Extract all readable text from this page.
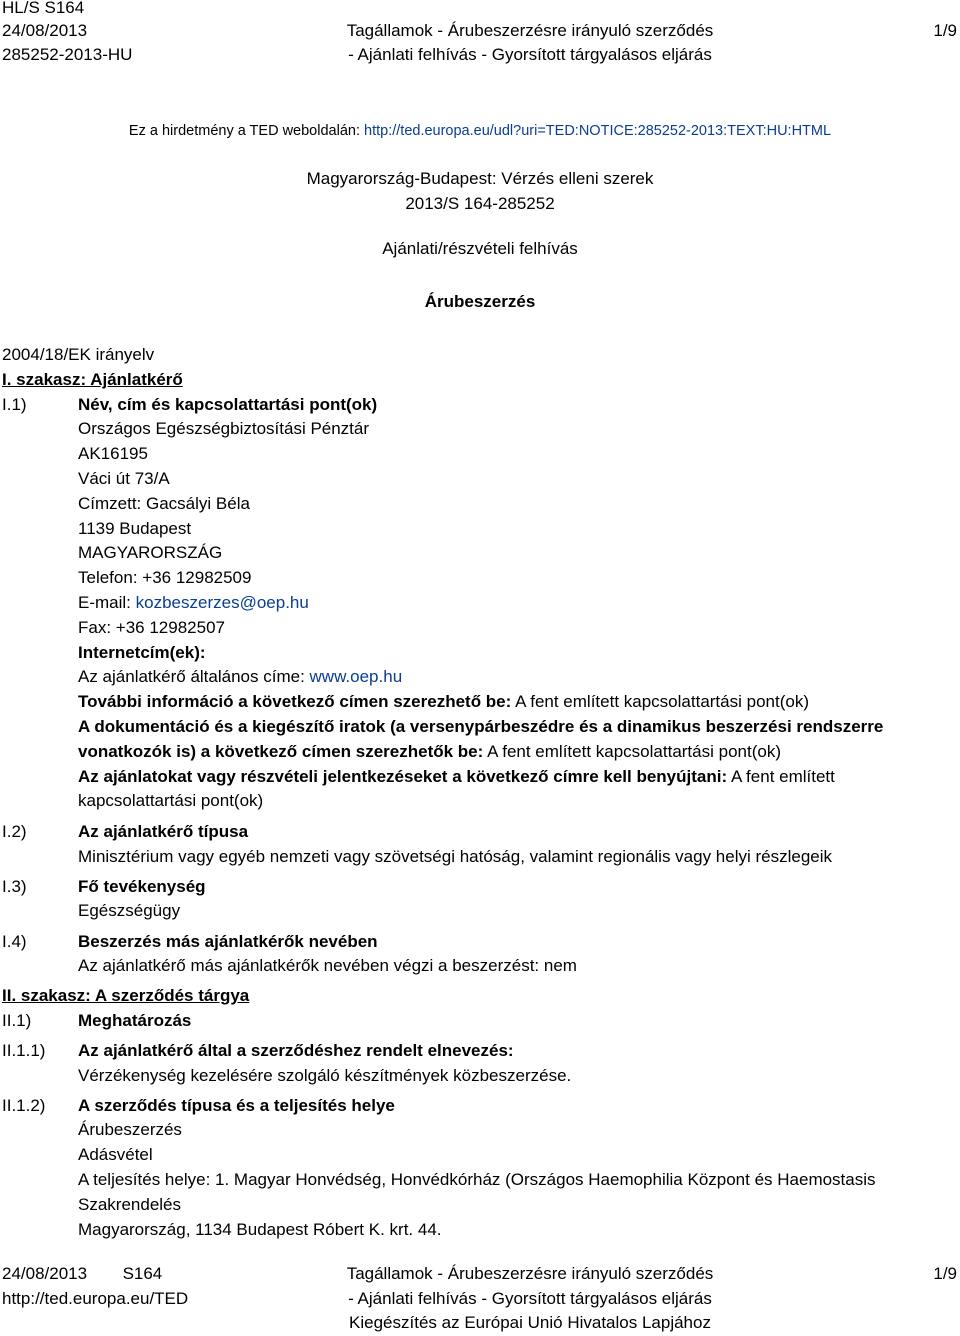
HL/S S164
24/08/2013
285252-2013-HU
Tagállamok - Árubeszerzésre irányuló szerződés
- Ajánlati felhívás - Gyorsított tárgyalásos eljárás
1/9
Ez a hirdetmény a TED weboldalán: http://ted.europa.eu/udl?uri=TED:NOTICE:285252-2013:TEXT:HU:HTML
Magyarország-Budapest: Vérzés elleni szerek
2013/S 164-285252
Ajánlati/részvételi felhívás
Árubeszerzés
2004/18/EK irányelv
I. szakasz: Ajánlatkérő
I.1)	Név, cím és kapcsolattartási pont(ok)
Országos Egészségbiztosítási Pénztár
AK16195
Váci út 73/A
Címzett: Gacsályi Béla
1139 Budapest
MAGYARORSZÁG
Telefon: +36 12982509
E-mail: kozbeszerzes@oep.hu
Fax: +36 12982507
Internetcím(ek):
Az ajánlatkérő általános címe: www.oep.hu
További információ a következő címen szerezhető be: A fent említett kapcsolattartási pont(ok)
A dokumentáció és a kiegészítő iratok (a versenypárbeszédre és a dinamikus beszerzési rendszerre
vonatkozók is) a következő címen szerezhetők be: A fent említett kapcsolattartási pont(ok)
Az ajánlatokat vagy részvételi jelentkezéseket a következő címre kell benyújtani: A fent említett
kapcsolattartási pont(ok)
I.2)	Az ajánlatkérő típusa
Minisztérium vagy egyéb nemzeti vagy szövetségi hatóság, valamint regionális vagy helyi részlegeik
I.3)	Fő tevékenység
Egészségügy
I.4)	Beszerzés más ajánlatkérők nevében
Az ajánlatkérő más ajánlatkérők nevében végzi a beszerzést: nem
II. szakasz: A szerződés tárgya
II.1)	Meghatározás
II.1.1) Az ajánlatkérő által a szerződéshez rendelt elnevezés:
Vérzékenység kezelésére szolgáló készítmények közbeszerzése.
II.1.2) A szerződés típusa és a teljesítés helye
Árubeszerzés
Adásvétel
A teljesítés helye: 1. Magyar Honvédség, Honvédkórház (Országos Haemophilia Központ és Haemostasis
Szakrendelés
Magyarország, 1134 Budapest Róbert K. krt. 44.
24/08/2013 S164
http://ted.europa.eu/TED
Tagállamok - Árubeszerzésre irányuló szerződés
- Ajánlati felhívás - Gyorsított tárgyalásos eljárás
Kiegészítés az Európai Unió Hivatalos Lapjához
1/9
